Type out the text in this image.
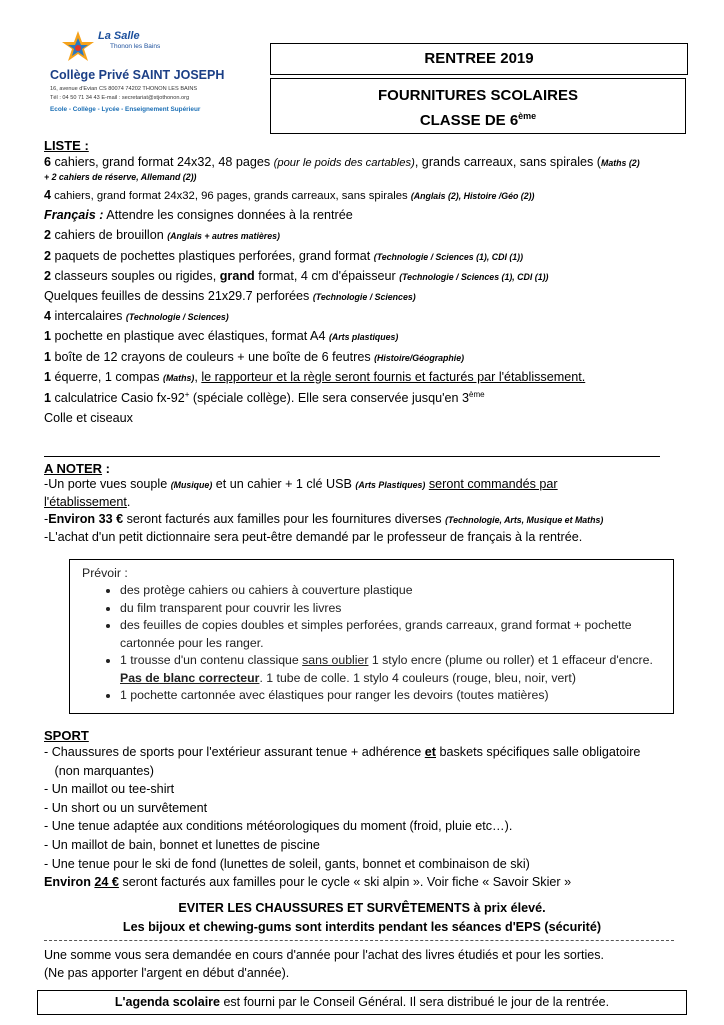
La Salle
Thonon les Bains
Collège Privé SAINT JOSEPH
16, avenue d'Evian CS 80074 74202 THONON LES BAINS
Tél : 04 50 71 34 43 E-mail : secretariat@stjothonon.org
Ecole - Collège - Lycée - Enseignement Supérieur
RENTREE 2019
FOURNITURES SCOLAIRES
CLASSE DE 6ème
LISTE :
6 cahiers, grand format 24x32, 48 pages (pour le poids des cartables), grands carreaux, sans spirales (Maths (2)
+ 2 cahiers de réserve, Allemand (2))
4 cahiers, grand format 24x32, 96 pages, grands carreaux, sans spirales (Anglais (2), Histoire /Géo (2))
Français : Attendre les consignes données à la rentrée
2 cahiers de brouillon (Anglais + autres matières)
2 paquets de pochettes plastiques perforées, grand format (Technologie / Sciences (1), CDI (1))
2 classeurs souples ou rigides, grand format, 4 cm d'épaisseur (Technologie / Sciences (1), CDI (1))
Quelques feuilles de dessins 21x29.7 perforées (Technologie / Sciences)
4 intercalaires (Technologie / Sciences)
1 pochette en plastique avec élastiques, format A4 (Arts plastiques)
1 boîte de 12 crayons de couleurs + une boîte de 6 feutres (Histoire/Géographie)
1 équerre, 1 compas (Maths), le rapporteur et la règle seront fournis et facturés par l'établissement.
1 calculatrice Casio fx-92+ (spéciale collège). Elle sera conservée jusqu'en 3ème
Colle et ciseaux
A NOTER :
-Un porte vues souple (Musique) et un cahier + 1 clé USB (Arts Plastiques) seront commandés par
l'établissement.
-Environ 33 € seront facturés aux familles pour les fournitures diverses (Technologie, Arts, Musique et Maths)
-L'achat d'un petit dictionnaire sera peut-être demandé par le professeur de français à la rentrée.
Prévoir :
• des protège cahiers ou cahiers à couverture plastique
• du film transparent pour couvrir les livres
• des feuilles de copies doubles et simples perforées, grands carreaux, grand format + pochette cartonnée pour les ranger.
• 1 trousse d'un contenu classique sans oublier 1 stylo encre (plume ou roller) et 1 effaceur d'encre. Pas de blanc correcteur. 1 tube de colle. 1 stylo 4 couleurs (rouge, bleu, noir, vert)
• 1 pochette cartonnée avec élastiques pour ranger les devoirs (toutes matières)
SPORT
- Chaussures de sports pour l'extérieur assurant tenue + adhérence et baskets spécifiques salle obligatoire
(non marquantes)
- Un maillot ou tee-shirt
- Un short ou un survêtement
- Une tenue adaptée aux conditions météorologiques du moment (froid, pluie etc…).
- Un maillot de bain, bonnet et lunettes de piscine
- Une tenue pour le ski de fond (lunettes de soleil, gants, bonnet et combinaison de ski)
Environ 24 € seront facturés aux familles pour le cycle « ski alpin ». Voir fiche « Savoir Skier »
EVITER LES CHAUSSURES ET SURVÊTEMENTS à prix élevé.
Les bijoux et chewing-gums sont interdits pendant les séances d'EPS (sécurité)
Une somme vous sera demandée en cours d'année pour l'achat des livres étudiés et pour les sorties.
(Ne pas apporter l'argent en début d'année).
L'agenda scolaire est fourni par le Conseil Général. Il sera distribué le jour de la rentrée.
